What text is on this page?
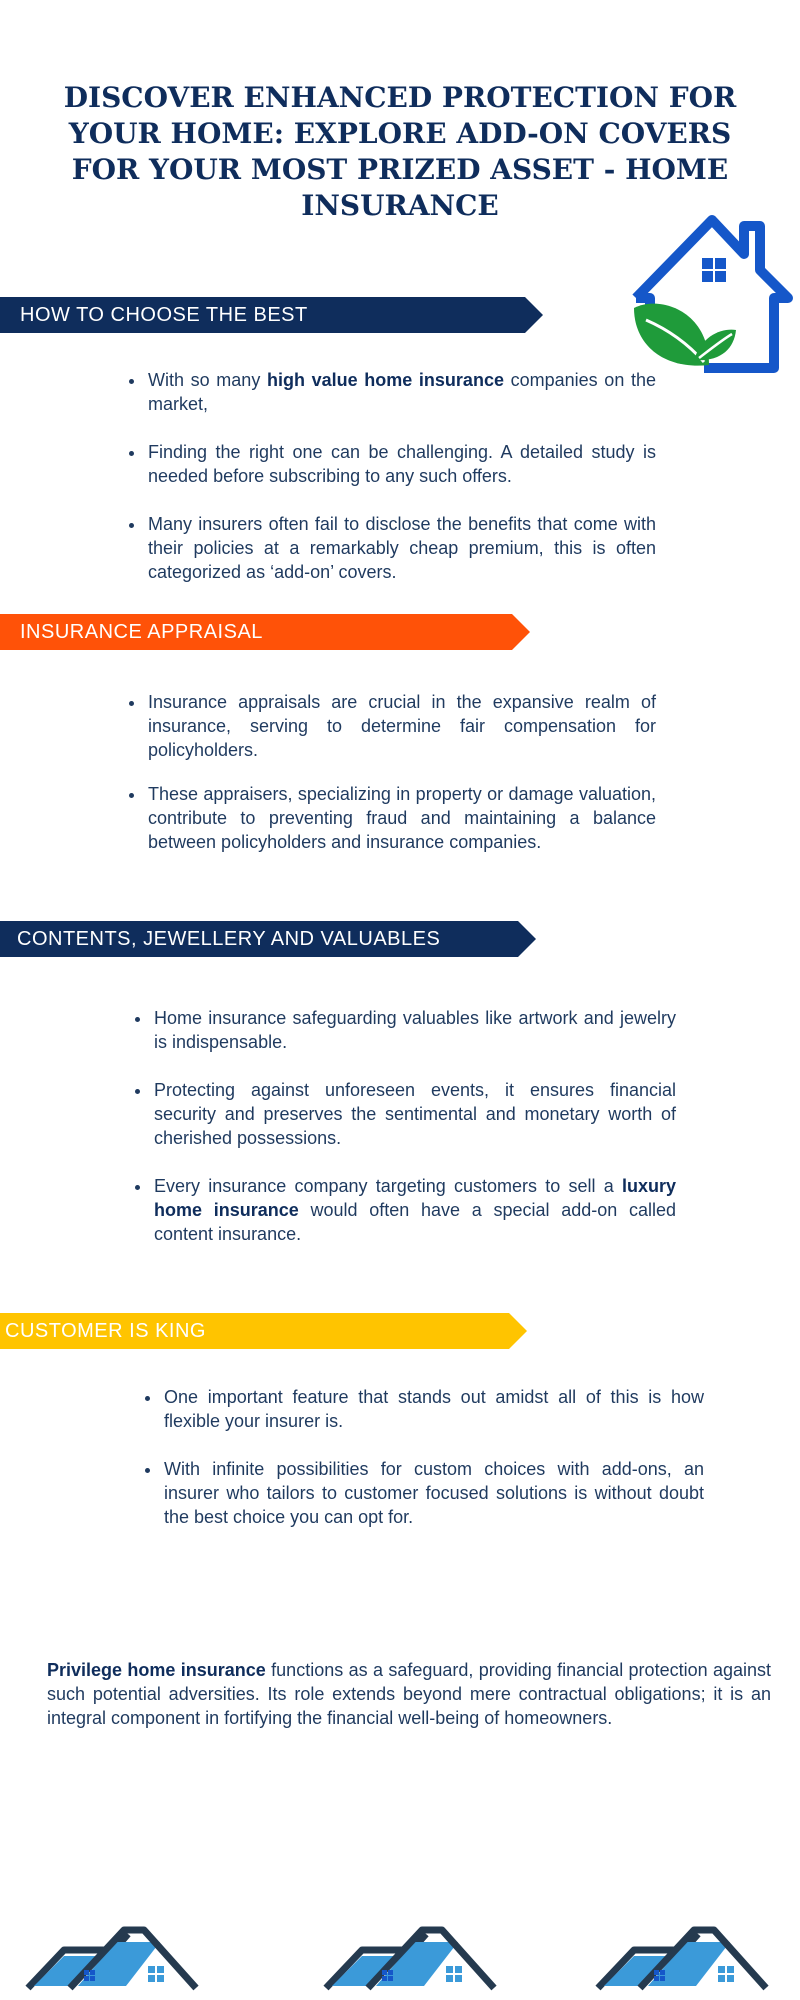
DISCOVER ENHANCED PROTECTION FOR YOUR HOME: EXPLORE ADD-ON COVERS FOR YOUR MOST PRIZED ASSET - HOME INSURANCE
HOW TO CHOOSE THE BEST
• With so many high value home insurance companies on the market,
• Finding the right one can be challenging. A detailed study is needed before subscribing to any such offers.
• Many insurers often fail to disclose the benefits that come with their policies at a remarkably cheap premium, this is often categorized as ‘add-on’ covers.
INSURANCE APPRAISAL
• Insurance appraisals are crucial in the expansive realm of insurance, serving to determine fair compensation for policyholders.
• These appraisers, specializing in property or damage valuation, contribute to preventing fraud and maintaining a balance between policyholders and insurance companies.
CONTENTS, JEWELLERY AND VALUABLES
• Home insurance safeguarding valuables like artwork and jewelry is indispensable.
• Protecting against unforeseen events, it ensures financial security and preserves the sentimental and monetary worth of cherished possessions.
• Every insurance company targeting customers to sell a luxury home insurance would often have a special add-on called content insurance.
CUSTOMER IS KING
• One important feature that stands out amidst all of this is how flexible your insurer is.
• With infinite possibilities for custom choices with add-ons, an insurer who tailors to customer focused solutions is without doubt the best choice you can opt for.

Privilege home insurance functions as a safeguard, providing financial protection against such potential adversities. Its role extends beyond mere contractual obligations; it is an integral component in fortifying the financial well-being of homeowners.
